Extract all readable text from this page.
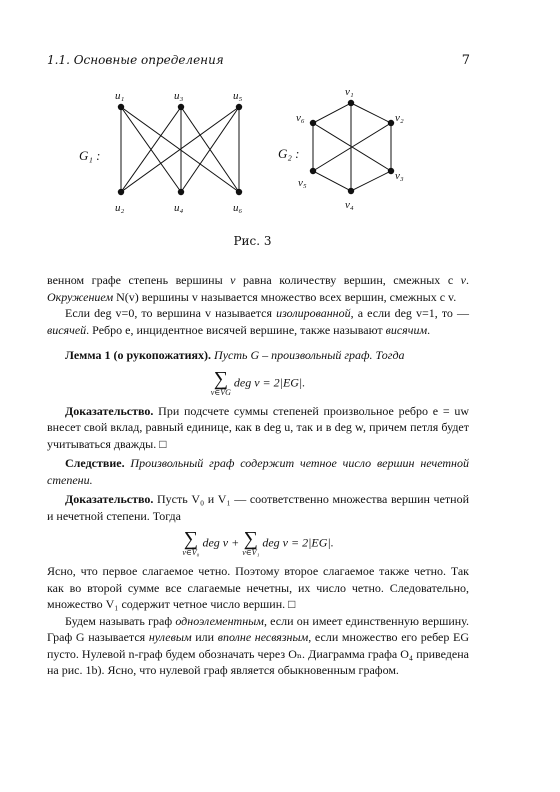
1.1. Основные определения	7
G₁ :
u₁	u₃	u₅
u₂	u₄	u₆
G₂ :
v₁
v₂
v₃
v₄
v₅
v₆
Рис. 3

венном графе степень вершины v равна количеству вершин, смежных с v. Окружением N(v) вершины v называется множество всех вершин, смежных с v.

Если deg v=0, то вершина v называется изолированной, а если deg v=1, то — висячей. Ребро e, инцидентное висячей вершине, также называют висячим.

Лемма 1 (о рукопожатиях). Пусть G – произвольный граф. Тогда

∑
v∈VG
deg v = 2|EG|.

Доказательство. При подсчете суммы степеней произвольное ребро e = uw внесет свой вклад, равный единице, как в deg u, так и в deg w, причем петля будет учитываться дважды. □

Следствие. Произвольный граф содержит четное число вершин нечетной степени.

Доказательство. Пусть V₀ и V₁ — соответственно множества вершин четной и нечетной степени. Тогда

∑
v∈V₀
deg v + ∑
v∈V₁
deg v = 2|EG|.

Ясно, что первое слагаемое четно. Поэтому второе слагаемое также четно. Так как во второй сумме все слагаемые нечетны, их число четно. Следовательно, множество V₁ содержит четное число вершин. □

Будем называть граф одноэлементным, если он имеет единственную вершину. Граф G называется нулевым или вполне несвязным, если множество его ребер EG пусто. Нулевой n-граф будем обозначать через Oₙ. Диаграмма графа O₄ приведена на рис. 1b). Ясно, что нулевой граф является обыкновенным графом.
